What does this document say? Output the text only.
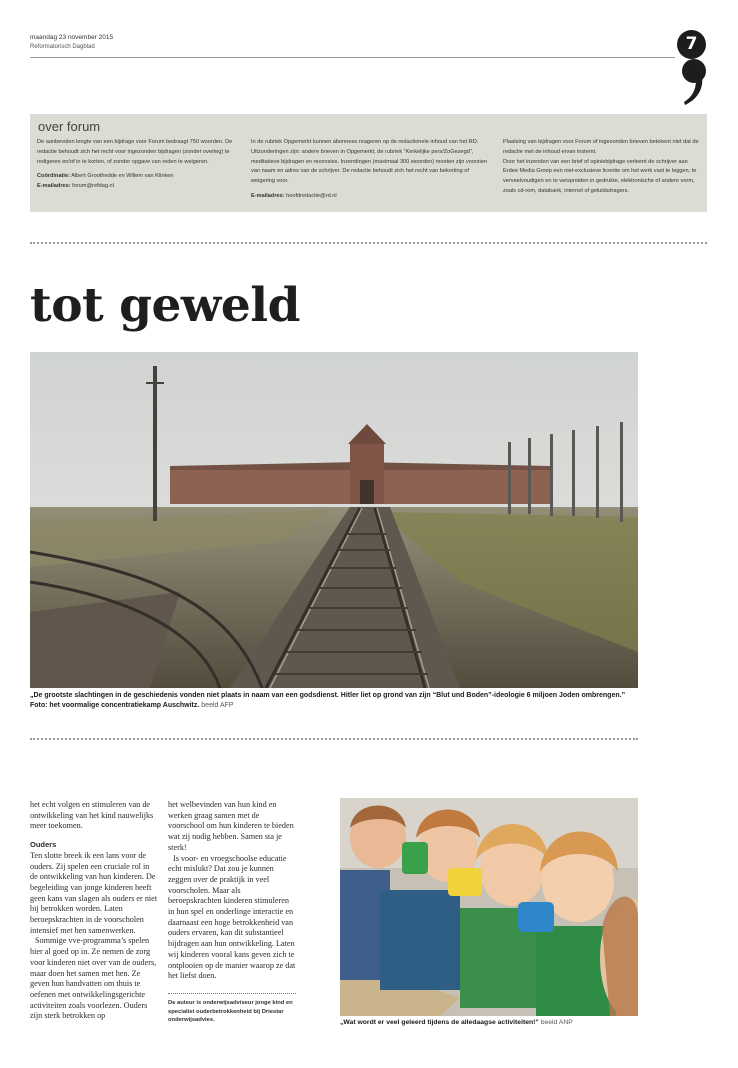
maandag 23 november 2015
Reformatorisch Dagblad	7
over forum

De aanbevolen lengte van een bijdrage voor Forum bedraagt 750 woorden. De redactie behoudt zich het recht voor ingezonden bijdragen (zonder overleg) te redigeren en/of in te korten, of zonder opgave van reden te weigeren.

Coördinatie: Albert Groothedde en Willem van Klinken

E-mailadres: forum@refdag.nl

In de rubriek Opgemerkt kunnen abonnees reageren op de redactionele inhoud van het RD. Uitzonderingen zijn: andere brieven in Opgemerkt, de rubriek “Kerkelijke pers/ZoGezegd”, meditatieve bijdragen en recensies. Inzendingen (maximaal 300 woorden) moeten zijn voorzien van naam en adres van de schrijver. De redactie behoudt zich het recht van bekorting of weigering voor.

E-mailadres: hoofdredactie@rd.nl

Plaatsing van bijdragen voor Forum of ingezonden brieven betekent niet dat de redactie met de inhoud ervan instemt.

Door het inzenden van een brief of opiniebijdrage verleent de schrijver aan Erdee Media Groep een niet-exclusieve licentie om het werk vast te leggen, te verveelvoudigen en te verspreiden in gedrukte, elektronische of andere vorm, zoals cd-rom, databank, internet of geluidsdragers.

tot geweld
„De grootste slachtingen in de geschiedenis vonden niet plaats in naam van een godsdienst. Hitler liet op grond van zijn “Blut und Boden”-ideologie 6 miljoen Joden ombrengen.” Foto: het voormalige concentratiekamp Auschwitz. beeld AFP

het echt volgen en stimuleren van de ontwikkeling van het kind nauwelijks meer toekomen.

Ouders

Ten slotte breek ik een lans voor de ouders. Zij spelen een cruciale rol in de ontwikkeling van hun kinderen. De begeleiding van jonge kinderen heeft geen kans van slagen als ouders er niet bij betrokken worden. Laten beroepskrachten in de voorscholen intensief met hen samenwerken.

Sommige vve-programma’s spelen hier al goed op in. Ze nemen de zorg voor kinderen niet over van de ouders, maar doen het samen met hen. Ze geven hun handvatten om thuis te oefenen met ontwikkelingsgerichte activiteiten zoals voorlezen. Ouders zijn sterk betrokken op

het welbevinden van hun kind en werken graag samen met de voorschool om hun kinderen te bieden wat zij nodig hebben. Samen sta je sterk!

Is voor- en vroegschoolse educatie echt mislukt? Dat zou je kunnen zeggen over de praktijk in veel voorscholen. Maar als beroepskrachten kinderen stimuleren in hun spel en onderlinge interactie en daarnaast een hoge betrokkenheid van ouders ervaren, kan dit substantieel bijdragen aan hun ontwikkeling. Laten wij kinderen vooral kans geven zich te ontplooien op de manier waarop ze dat het liefst doen.

De auteur is onderwijsadviseur jonge kind en specialist ouderbetrokkenheid bij Driestar onderwijsadvies.	„Wat wordt er veel geleerd tijdens de alledaagse activiteiten!” beeld ANP
